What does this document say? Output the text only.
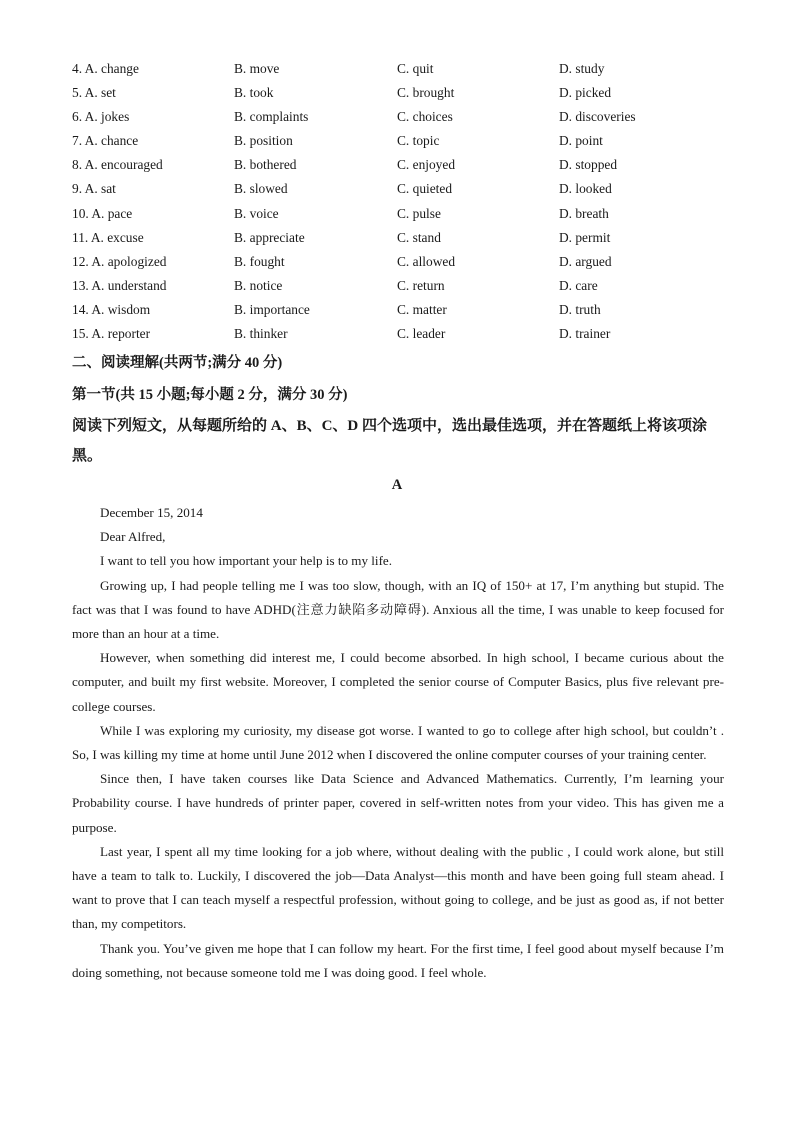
4. A. change	B. move	C. quit	D. study
5. A. set	B. took	C. brought	D. picked
6. A. jokes	B. complaints	C. choices	D. discoveries
7. A. chance	B. position	C. topic	D. point
8. A. encouraged	B. bothered	C. enjoyed	D. stopped
9. A. sat	B. slowed	C. quieted	D. looked
10. A. pace	B. voice	C. pulse	D. breath
11. A. excuse	B. appreciate	C. stand	D. permit
12. A. apologized	B. fought	C. allowed	D. argued
13. A. understand	B. notice	C. return	D. care
14. A. wisdom	B. importance	C. matter	D. truth
15. A. reporter	B. thinker	C. leader	D. trainer
二、阅读理解(共两节;满分 40 分)
第一节(共 15 小题;每小题 2 分，满分 30 分)
阅读下列短文，从每题所给的 A、B、C、D 四个选项中，选出最佳选项，并在答题纸上将该项涂黑。
A

December 15, 2014

Dear Alfred,

I want to tell you how important your help is to my life.

Growing up, I had people telling me I was too slow, though, with an IQ of 150+ at 17, I’m anything but stupid. The fact was that I was found to have ADHD(注意力缺陷多动障碍). Anxious all the time, I was unable to keep focused for more than an hour at a time.

However, when something did interest me, I could become absorbed. In high school, I became curious about the computer, and built my first website. Moreover, I completed the senior course of Computer Basics, plus five relevant pre-college courses.

While I was exploring my curiosity, my disease got worse. I wanted to go to college after high school, but couldn’t . So, I was killing my time at home until June 2012 when I discovered the online computer courses of your training center.

Since then, I have taken courses like Data Science and Advanced Mathematics. Currently, I’m learning your Probability course. I have hundreds of printer paper, covered in self-written notes from your video. This has given me a purpose.

Last year, I spent all my time looking for a job where, without dealing with the public , I could work alone, but still have a team to talk to. Luckily, I discovered the job—Data Analyst—this month and have been going full steam ahead. I want to prove that I can teach myself a respectful profession, without going to college, and be just as good as, if not better than, my competitors.

Thank you. You’ve given me hope that I can follow my heart. For the first time, I feel good about myself because I’m doing something, not because someone told me I was doing good. I feel whole.
